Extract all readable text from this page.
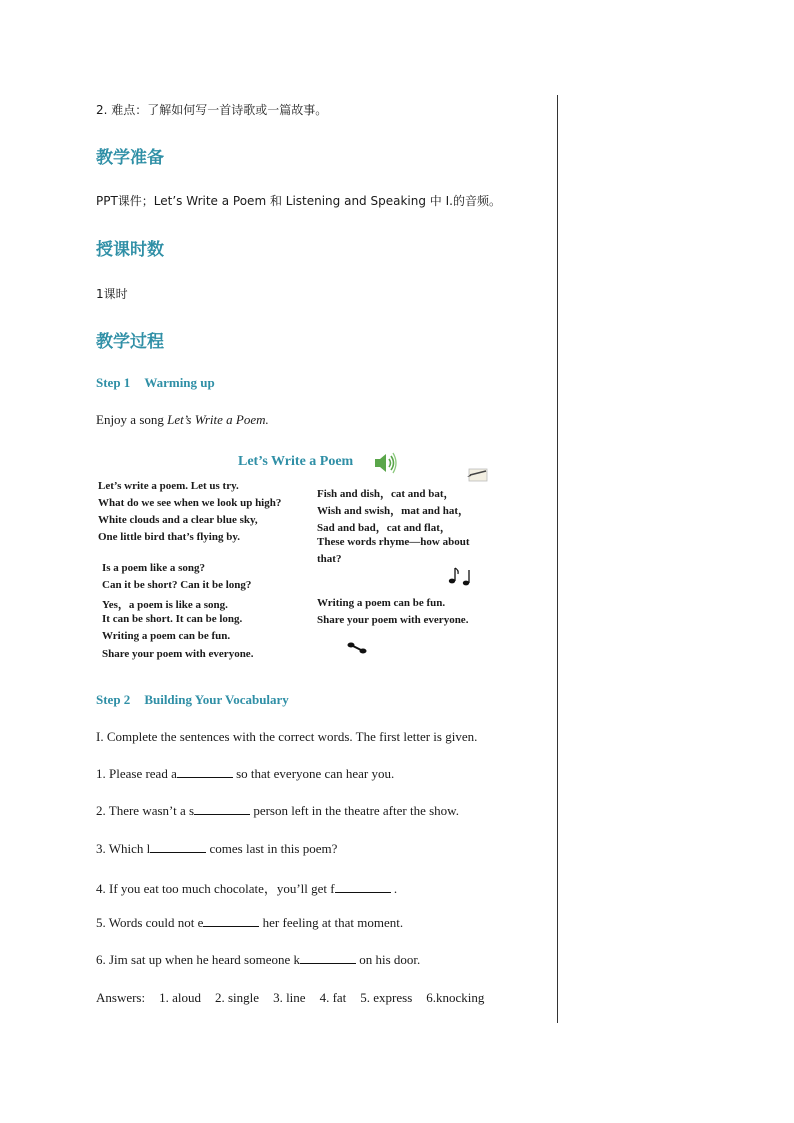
2. 难点：了解如何写一首诗歌或一篇故事。
教学准备
PPT课件；Let’s Write a Poem 和 Listening and Speaking 中 I.的音频。
授课时数
1课时
教学过程
Step 1 Warming up
Enjoy a song Let’s Write a Poem.
Let’s Write a Poem
Let’s write a poem. Let us try.
What do we see when we look up high?
White clouds and a clear blue sky,
One little bird that’s flying by.
Is a poem like a song?
Can it be short? Can it be long?
Yes，a poem is like a song.
It can be short. It can be long.
Writing a poem can be fun.
Share your poem with everyone.
Fish and dish，cat and bat，
Wish and swish，mat and hat，
Sad and bad，cat and flat，
These words rhyme—how about
that?
Writing a poem can be fun.
Share your poem with everyone.
Step 2 Building Your Vocabulary
I. Complete the sentences with the correct words. The first letter is given.
1. Please read a	so that everyone can hear you.
2. There wasn’t a s	person left in the theatre after the show.
3. Which l	comes last in this poem?
4. If you eat too much chocolate，you’ll get f	.
5. Words could not e	her feeling at that moment.
6. Jim sat up when he heard someone k	on his door.
Answers: 1. aloud 2. single 3. line 4. fat 5. express 6.knocking
